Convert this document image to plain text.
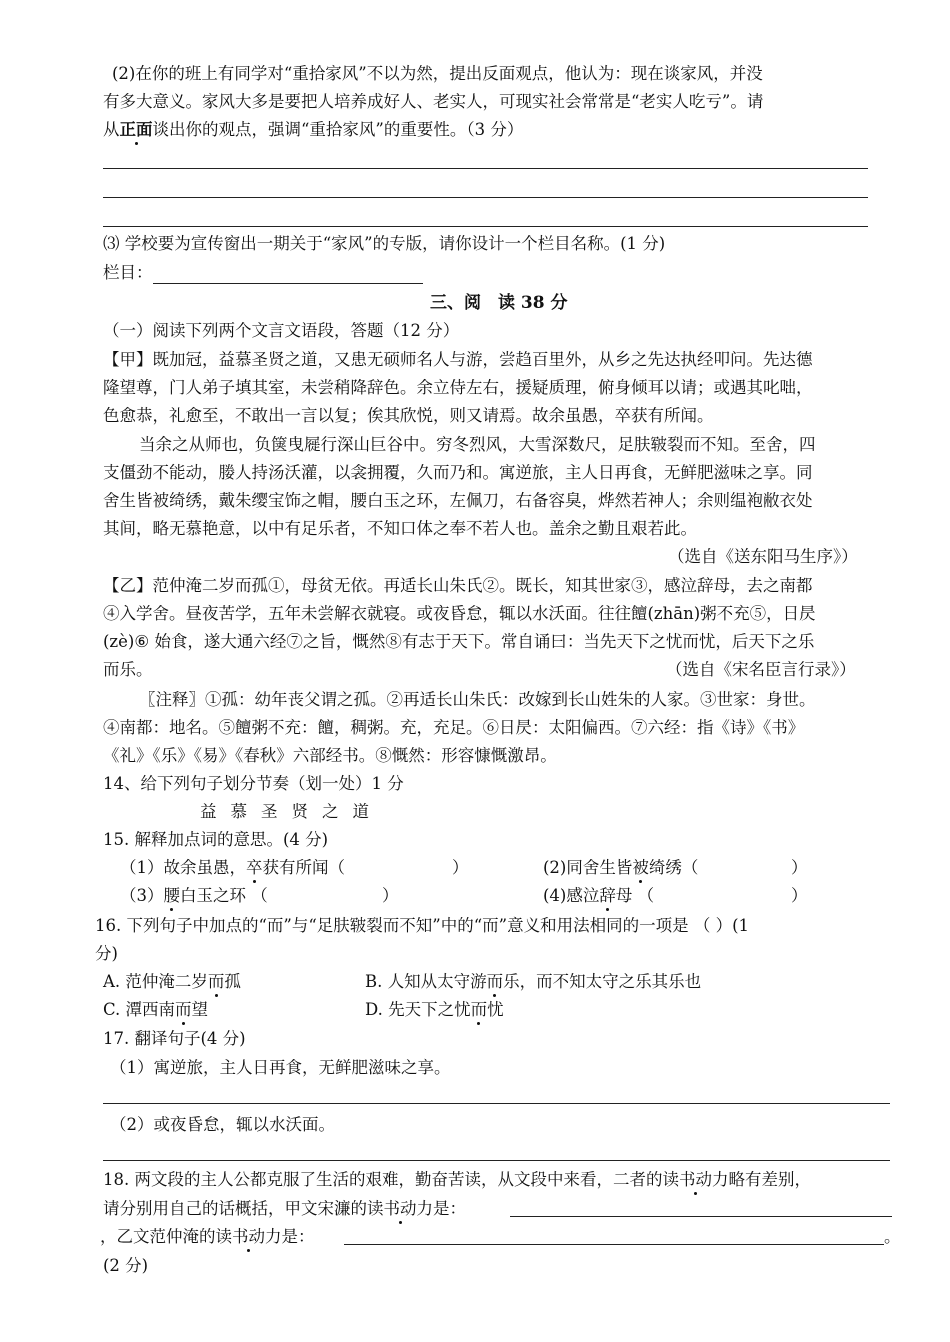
(2)在你的班上有同学对“重拾家风”不以为然，提出反面观点，他认为：现在谈家风，并没
有多大意义。家风大多是要把人培养成好人、老实人，可现实社会常常是“老实人吃亏”。请
从正面谈出你的观点，强调“重拾家风”的重要性。（3 分）
⑶ 学校要为宣传窗出一期关于“家风”的专版，请你设计一个栏目名称。(1 分)
栏目：
三、阅　读 38 分
（一）阅读下列两个文言文语段，答题（12 分）
【甲】既加冠，益慕圣贤之道，又患无硕师名人与游，尝趋百里外，从乡之先达执经叩问。先达德
隆望尊，门人弟子填其室，未尝稍降辞色。余立侍左右，援疑质理，俯身倾耳以请；或遇其叱咄，
色愈恭，礼愈至，不敢出一言以复；俟其欣悦，则又请焉。故余虽愚，卒获有所闻。
当余之从师也，负箧曳屣行深山巨谷中。穷冬烈风，大雪深数尺，足肤皲裂而不知。至舍，四
支僵劲不能动，媵人持汤沃灌，以衾拥覆，久而乃和。寓逆旅，主人日再食，无鲜肥滋味之享。同
舍生皆被绮绣，戴朱缨宝饰之帽，腰白玉之环，左佩刀，右备容臭，烨然若神人；余则缊袍敝衣处
其间，略无慕艳意，以中有足乐者，不知口体之奉不若人也。盖余之勤且艰若此。
（选自《送东阳马生序》）
【乙】范仲淹二岁而孤①，母贫无依。再适长山朱氏②。既长，知其世家③，感泣辞母，去之南都
④入学舍。昼夜苦学，五年未尝解衣就寝。或夜昏怠，辄以水沃面。往往饘(zhān)粥不充⑤，日昃
(zè)⑥ 始食，遂大通六经⑦之旨，慨然⑧有志于天下。常自诵曰：当先天下之忧而忧，后天下之乐
而乐。	（选自《宋名臣言行录》）
〖注释〗①孤：幼年丧父谓之孤。②再适长山朱氏：改嫁到长山姓朱的人家。③世家：身世。
④南都：地名。⑤饘粥不充：饘，稠粥。充，充足。⑥日昃：太阳偏西。⑦六经：指《诗》《书》
《礼》《乐》《易》《春秋》六部经书。⑧慨然：形容慷慨激昂。
14、给下列句子划分节奏（划一处）1 分
益 慕 圣 贤 之 道
15. 解释加点词的意思。(4 分)
（1）故余虽愚，卒获有所闻（	）	(2)同舍生皆被绮绣（	）
（3）腰白玉之环 （	）	(4)感泣辞母 （	）
16. 下列句子中加点的“而”与“足肤皲裂而不知”中的“而”意义和用法相同的一项是 （ ）(1
分)
A. 范仲淹二岁而孤	B. 人知从太守游而乐，而不知太守之乐其乐也
C. 潭西南而望	D. 先天下之忧而忧
17. 翻译句子(4 分)
（1）寓逆旅，主人日再食，无鲜肥滋味之享。
（2）或夜昏怠，辄以水沃面。
18. 两文段的主人公都克服了生活的艰难，勤奋苦读，从文段中来看，二者的读书动力略有差别，
请分别用自己的话概括，甲文宋濂的读书动力是：
，乙文范仲淹的读书动力是：	。
(2 分)
